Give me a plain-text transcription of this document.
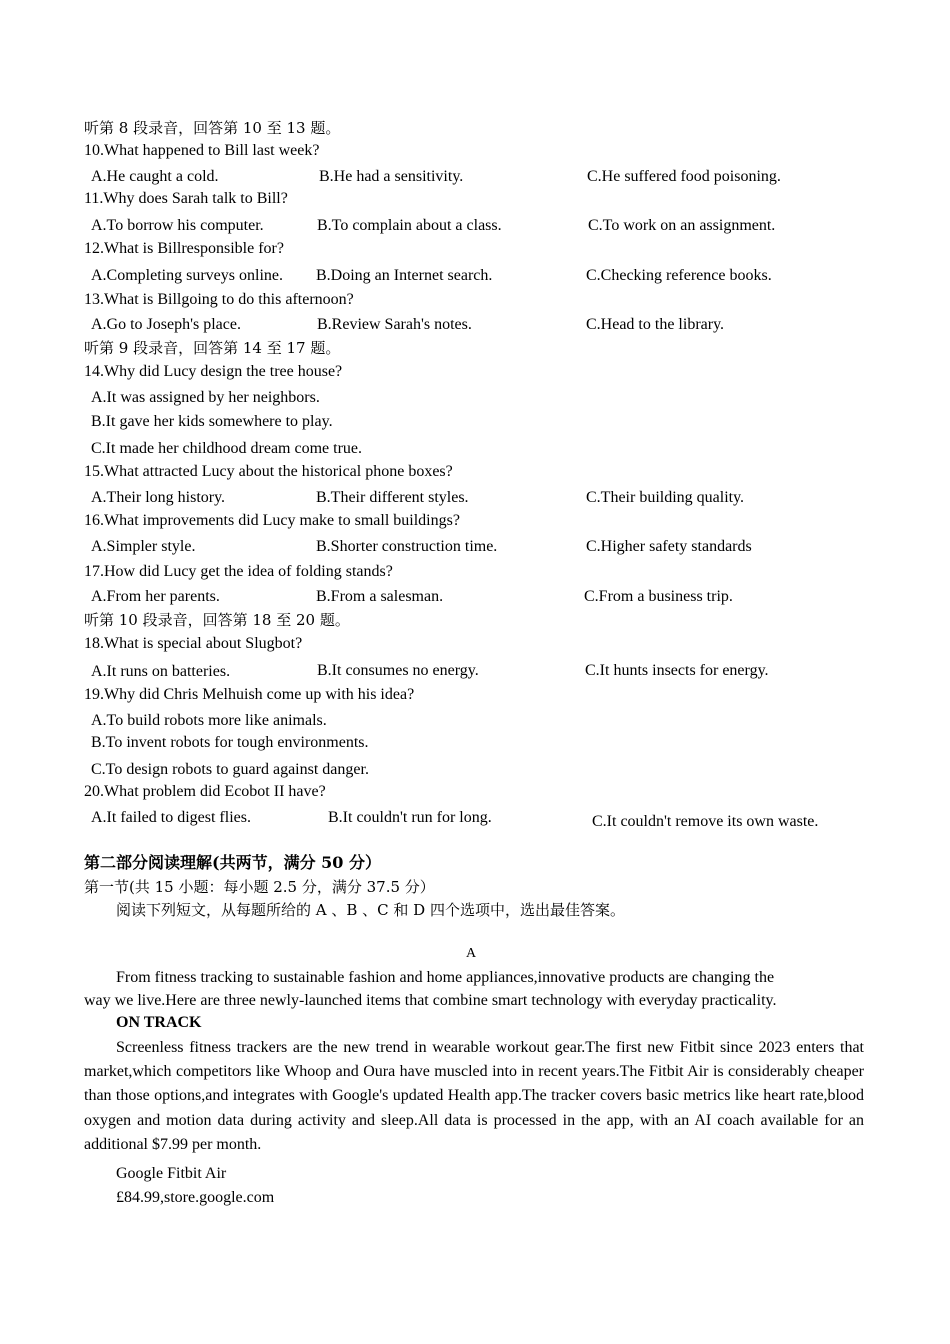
听第 8 段录音，回答第 10 至 13 题。
10.What happened to Bill last week?
A.He caught a cold.	B.He had a sensitivity.	C.He suffered food poisoning.
11.Why does Sarah talk to Bill?
A.To borrow his computer.	B.To complain about a class.	C.To work on an assignment.
12.What is Billresponsible for?
A.Completing surveys online. B.Doing an Internet search.	C.Checking reference books.
13.What is Billgoing to do this afternoon?
A.Go to Joseph's place.	B.Review Sarah's notes.	C.Head to the library.
听第 9 段录音，回答第 14 至 17 题。
14.Why did Lucy design the tree house?
A.It was assigned by her neighbors.
B.It gave her kids somewhere to play.
C.It made her childhood dream come true.
15.What attracted Lucy about the historical phone boxes?
A.Their long history.	B.Their different styles.	C.Their building quality.
16.What improvements did Lucy make to small buildings?
A.Simpler style.	B.Shorter construction time.	C.Higher safety standards
17.How did Lucy get the idea of folding stands?
A.From her parents.	B.From a salesman.	C.From a business trip.
听第 10 段录音，回答第 18 至 20 题。
18.What is special about Slugbot?
A.It runs on batteries.	B.It consumes no energy.	C.It hunts insects for energy.
19.Why did Chris Melhuish come up with his idea?
A.To build robots more like animals.
B.To invent robots for tough environments.
C.To design robots to guard against danger.
20.What problem did Ecobot II have?
A.It failed to digest flies.	B.It couldn't run for long.	C.It couldn't remove its own waste.
第二部分阅读理解(共两节，满分 50 分）
第一节(共 15 小题：每小题 2.5 分，满分 37.5 分）
阅读下列短文，从每题所给的 A 、B 、C 和 D 四个选项中，选出最佳答案。
A
From fitness tracking to sustainable fashion and home appliances,innovative products are changing the
way we live.Here are three newly-launched items that combine smart technology with everyday practicality.
ON TRACK
Screenless fitness trackers are the new trend in wearable workout gear.The first new Fitbit since 2023 enters that market,which competitors like Whoop and Oura have muscled into in recent years.The Fitbit Air is considerably cheaper than those options,and integrates with Google's updated Health app.The tracker covers basic metrics like heart rate,blood oxygen and motion data during activity and sleep.All data is processed in the app, with an AI coach available for an additional $7.99 per month.
Google Fitbit Air
£84.99,store.google.com
